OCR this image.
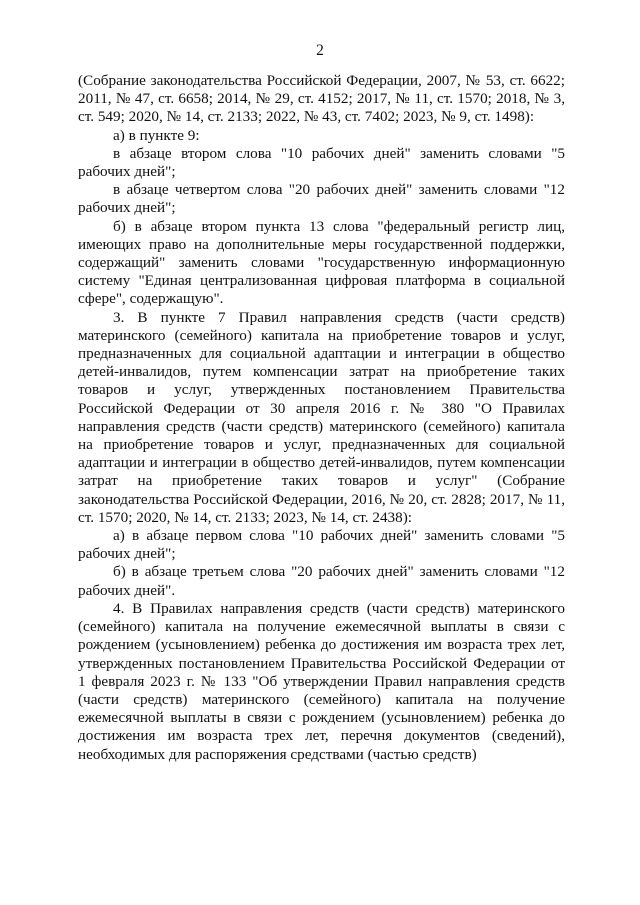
2

(Собрание законодательства Российской Федерации, 2007, № 53, ст. 6622; 2011, № 47, ст. 6658; 2014, № 29, ст. 4152; 2017, № 11, ст. 1570; 2018, № 3, ст. 549; 2020, № 14, ст. 2133; 2022, № 43, ст. 7402; 2023, № 9, ст. 1498):

а) в пункте 9:

в абзаце втором слова "10 рабочих дней" заменить словами "5 рабочих дней";

в абзаце четвертом слова "20 рабочих дней" заменить словами "12 рабочих дней";

б) в абзаце втором пункта 13 слова "федеральный регистр лиц, имеющих право на дополнительные меры государственной поддержки, содержащий" заменить словами "государственную информационную систему "Единая централизованная цифровая платформа в социальной сфере", содержащую".

3. В пункте 7 Правил направления средств (части средств) материнского (семейного) капитала на приобретение товаров и услуг, предназначенных для социальной адаптации и интеграции в общество детей-инвалидов, путем компенсации затрат на приобретение таких товаров и услуг, утвержденных постановлением Правительства Российской Федерации от 30 апреля 2016 г. № 380 "О Правилах направления средств (части средств) материнского (семейного) капитала на приобретение товаров и услуг, предназначенных для социальной адаптации и интеграции в общество детей-инвалидов, путем компенсации затрат на приобретение таких товаров и услуг" (Собрание законодательства Российской Федерации, 2016, № 20, ст. 2828; 2017, № 11, ст. 1570; 2020, № 14, ст. 2133; 2023, № 14, ст. 2438):

а) в абзаце первом слова "10 рабочих дней" заменить словами "5 рабочих дней";

б) в абзаце третьем слова "20 рабочих дней" заменить словами "12 рабочих дней".

4. В Правилах направления средств (части средств) материнского (семейного) капитала на получение ежемесячной выплаты в связи с рождением (усыновлением) ребенка до достижения им возраста трех лет, утвержденных постановлением Правительства Российской Федерации от 1 февраля 2023 г. № 133 "Об утверждении Правил направления средств (части средств) материнского (семейного) капитала на получение ежемесячной выплаты в связи с рождением (усыновлением) ребенка до достижения им возраста трех лет, перечня документов (сведений), необходимых для распоряжения средствами (частью средств)
